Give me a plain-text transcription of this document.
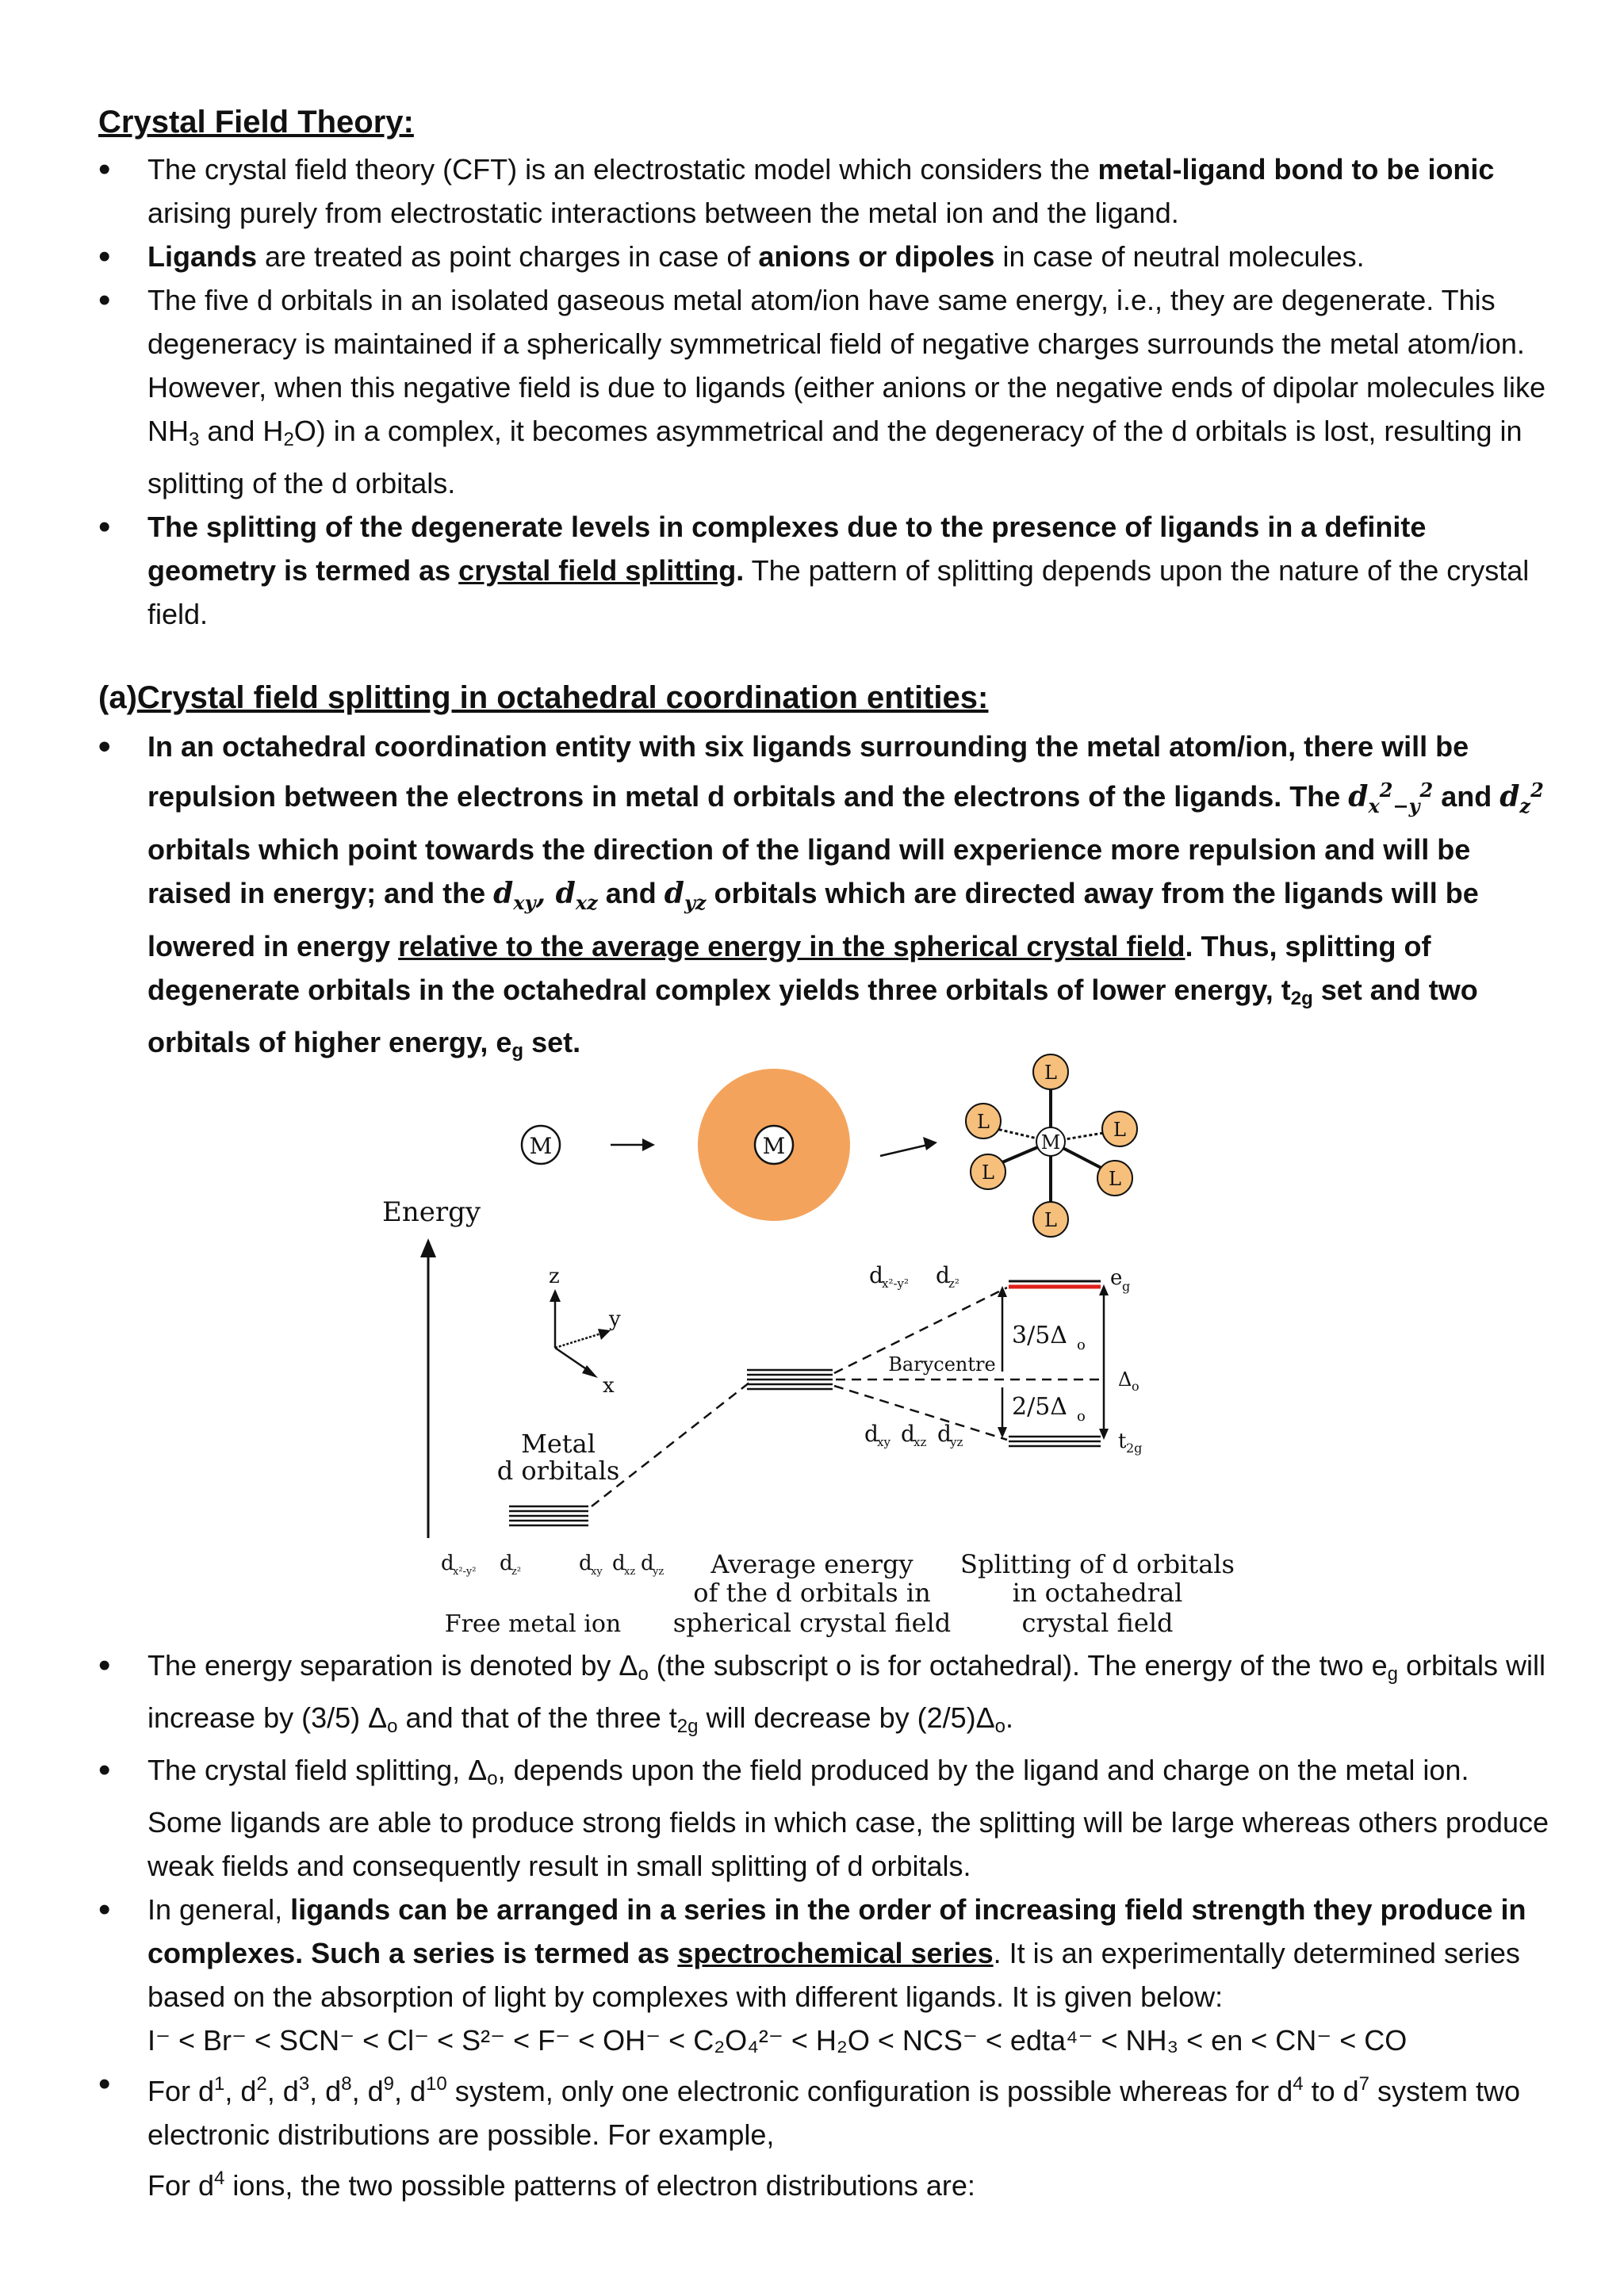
Crystal Field Theory:
• The crystal field theory (CFT) is an electrostatic model which considers the metal-ligand bond to be ionic arising purely from electrostatic interactions between the metal ion and the ligand.
• Ligands are treated as point charges in case of anions or dipoles in case of neutral molecules.
• The five d orbitals in an isolated gaseous metal atom/ion have same energy, i.e., they are degenerate. This degeneracy is maintained if a spherically symmetrical field of negative charges surrounds the metal atom/ion. However, when this negative field is due to ligands (either anions or the negative ends of dipolar molecules like $NH_3$ and $H_2O$) in a complex, it becomes asymmetrical and the degeneracy of the d orbitals is lost, resulting in splitting of the d orbitals.
• The splitting of the degenerate levels in complexes due to the presence of ligands in a definite geometry is termed as crystal field splitting. The pattern of splitting depends upon the nature of the crystal field.
(a)Crystal field splitting in octahedral coordination entities:
• In an octahedral coordination entity with six ligands surrounding the metal atom/ion, there will be repulsion between the electrons in metal d orbitals and the electrons of the ligands. The $d_x^2_{-y}^2$ and $d_z^2$ orbitals which point towards the direction of the ligand will experience more repulsion and will be raised in energy; and the $d_{xy}$, $d_{xz}$ and $d_{yz}$ orbitals which are directed away from the ligands will be lowered in energy relative to the average energy in the spherical crystal field. Thus, splitting of degenerate orbitals in the octahedral complex yields three orbitals of lower energy, $t_{2g}$ set and two orbitals of higher energy, $e_g$ set.
Energy
M	M	M
L
L	L
L	L
L
z
y
x
Metal
d orbitals
Barycentre
3/5Δ o
2/5Δ o
Δ o
e g
t 2g
d
x²-y² d
z²
d
xy d
xz d
yz
d
x²-y² d
z²	d
xy d
xz d
yz
Free metal ion
Average energy
of the d orbitals in
spherical crystal field
Splitting of d orbitals
in octahedral
crystal field
• The energy separation is denoted by $\Delta_o$ (the subscript o is for octahedral). The energy of the two $e_g$ orbitals will increase by (3/5) $\Delta_o$ and that of the three $t_{2g}$ will decrease by $(2/5)\Delta_o$.
• The crystal field splitting, $\Delta_o$, depends upon the field produced by the ligand and charge on the metal ion. Some ligands are able to produce strong fields in which case, the splitting will be large whereas others produce weak fields and consequently result in small splitting of d orbitals.
• In general, ligands can be arranged in a series in the order of increasing field strength they produce in complexes. Such a series is termed as spectrochemical series. It is an experimentally determined series based on the absorption of light by complexes with different ligands. It is given below:
I⁻ < Br⁻ < SCN⁻ < Cl⁻ < S²⁻ < F⁻ < OH⁻ < C₂O₄²⁻ < H₂O < NCS⁻ < edta⁴⁻ < NH₃ < en < CN⁻ < CO
• For $d^1$, $d^2$, $d^3$, $d^8$, $d^9$, $d^{10}$ system, only one electronic configuration is possible whereas for $d^4$ to $d^7$ system two electronic distributions are possible. For example,
For $d^4$ ions, the two possible patterns of electron distributions are:
